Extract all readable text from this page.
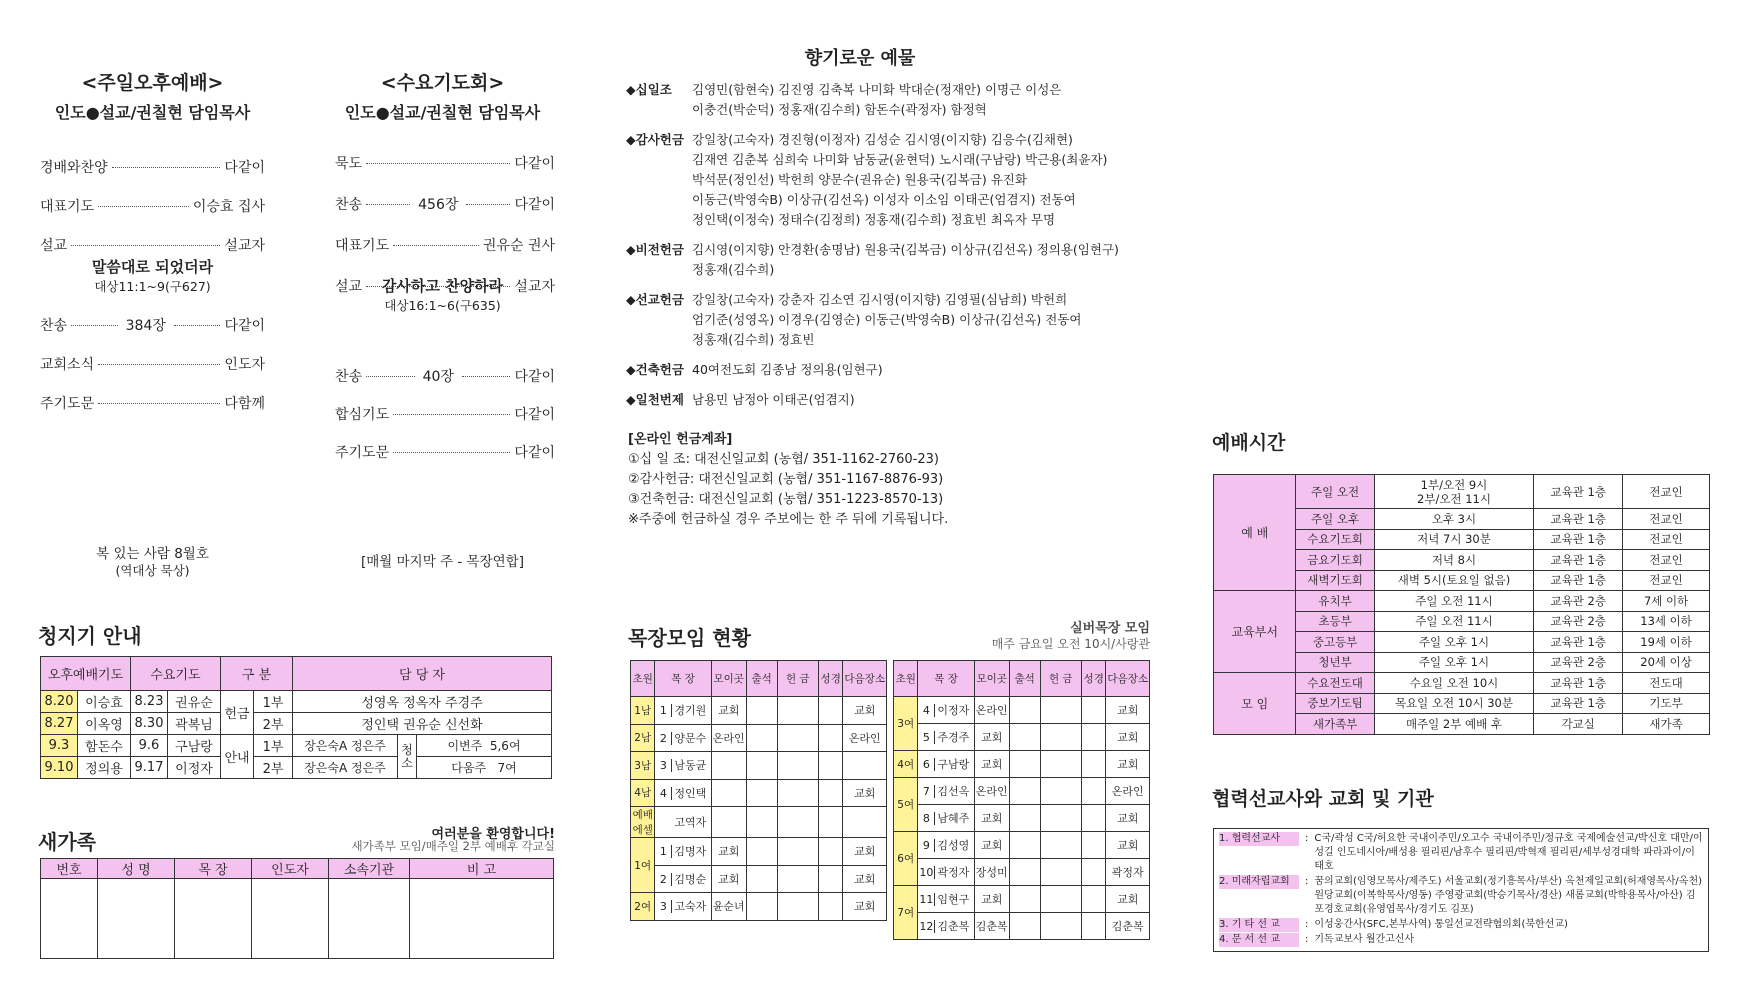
<주일오후예배>
인도●설교/권칠현 담임목사
경배와찬양	다같이
대표기도	이승효 집사
설교	설교자
말씀대로 되었더라
대상11:1~9(구627)
찬송	384장	다같이
교회소식	인도자
주기도문	다함께
<수요기도회>
인도●설교/권칠현 담임목사
묵도	다같이
찬송	456장	다같이
대표기도	권유순 권사
설교	설교자
감사하고 찬양하라
대상16:1~6(구635)
찬송	40장	다같이
합심기도	다같이
주기도문	다같이
복 있는 사람 8월호
(역대상 묵상)
[매월 마지막 주 - 목장연합]
청지기 안내
오후예배기도		수요기도		구 분		담 당 자		
8.20	이승효	8.23	권유순	헌금	1부	성영옥 정옥자 주경주		
8.27	이옥영	8.30	곽복님		2부	정인택 권유순 신선화		
9.3	함돈수	9.6	구남랑	안내	1부	장은숙A 정은주	청소	이변주 5,6여
9.10	정의용	9.17	이정자		2부	장은숙A 정은주		다움주 7여
새가족	여러분을 환영합니다!
새가족부 모임/매주일 2부 예배후 각교실
번호	성 명	목 장	인도자	소속기관	비 고

향기로운 예물
◆십일조 김영민(함현숙) 김진영 김축복 나미화 박대순(정재안) 이명근 이성은
이충건(박순덕) 정홍재(김수희) 함돈수(곽정자) 함정혁
◆감사헌금 강일창(고숙자) 경진형(이정자) 김성순 김시영(이지향) 김응수(김채현)
김재연 김춘복 심희숙 나미화 남동균(윤현덕) 노시래(구남랑) 박근용(최윤자)
박석문(정인선) 박헌희 양문수(권유순) 원용국(김복금) 유진화
이동근(박영숙B) 이상규(김선옥) 이성자 이소임 이태곤(엄겸지) 전동여
정인택(이정숙) 정태수(김정희) 정홍재(김수희) 정효빈 최옥자 무명
◆비전헌금 김시영(이지향) 안경환(송명남) 원용국(김복금) 이상규(김선옥) 정의용(임현구)
정홍재(김수희)
◆선교헌금 강일창(고숙자) 강춘자 김소연 김시영(이지향) 김영필(심남희) 박헌희
엄기준(성영옥) 이경우(김영순) 이동근(박영숙B) 이상규(김선옥) 전동여
정홍재(김수희) 정효빈
◆건축헌금 40여전도회 김종남 정의용(임현구)
◆일천번제 남용민 남정아 이태곤(엄겸지)
[온라인 헌금계좌]
①십 일 조: 대전신일교회 (농협/ 351-1162-2760-23)
②감사헌금: 대전신일교회 (농협/ 351-1167-8876-93)
③건축헌금: 대전신일교회 (농협/ 351-1223-8570-13)
※주중에 헌금하실 경우 주보에는 한 주 뒤에 기록됩니다.
목장모임 현황	실버목장 모임
매주 금요일 오전 10시/사랑관
초원	목 장	모이곳	출석	헌 금	성경	다음장소
1남	1 경기원	교회				교회
2남	2 양문수	온라인				온라인
3남	3 남동균					
4남	4 정인택					교회
예배에셀	고역자					
1여	1 김명자	교회				교회
	2 김명순	교회				교회
2여	3 고숙자	윤순녀				교회
초원	목 장	모이곳	출석	헌 금	성경	다음장소
3여	4 이정자	온라인				교회
	5 주경주	교회				교회
4여	6 구남랑	교회				교회
5여	7 김선옥	온라인				온라인
	8 남혜주	교회				교회
6여	9 김성영	교회				교회
	10 곽정자	장성미				곽정자
7여	11 임현구	교회				교회
	12 김춘복	김춘복				김춘복
예배시간
예 배	주일 오전	1부/오전 9시
2부/오전 11시	교육관 1층	전교인
	주일 오후	오후 3시	교육관 1층	전교인
	수요기도회	저녁 7시 30분	교육관 1층	전교인
	금요기도회	저녁 8시	교육관 1층	전교인
	새벽기도회	새벽 5시(토요일 없음)	교육관 1층	전교인
교육부서	유치부	주일 오전 11시	교육관 2층	7세 이하
	초등부	주일 오전 11시	교육관 2층	13세 이하
	중고등부	주일 오후 1시	교육관 1층	19세 이하
	청년부	주일 오후 1시	교육관 2층	20세 이상
모 임	수요전도대	수요일 오전 10시	교육관 1층	전도대
	중보기도팀	목요일 오전 10시 30분	교육관 1층	기도부
	새가족부	매주일 2부 예배 후	각교실	새가족
협력선교사와 교회 및 기관
1. 협력선교사	: C국/곽성 C국/허요한 국내이주민/오고수 국내이주민/정규호 국제예술선교/박신호 대만/이성길 인도네시아/배성용 필리핀/남후수 필리핀/박혁재 필리핀/세부성경대학 파라과이/이태호
2. 미래자립교회	: 꿈의교회(임영모목사/제주도) 서울교회(정기흥목사/부산) 옥천제일교회(허재영목사/옥천) 원당교회(이복학목사/영동) 주영광교회(박승기목사/경산) 새롬교회(박학용목사/아산) 김포경호교회(유영엽목사/경기도 김포)
3. 기 타 선 교	: 이성웅간사(SFC,본부사역) 통일선교전략협의회(북한선교)
4. 문 서 선 교	: 기독교보사 월간고신사
